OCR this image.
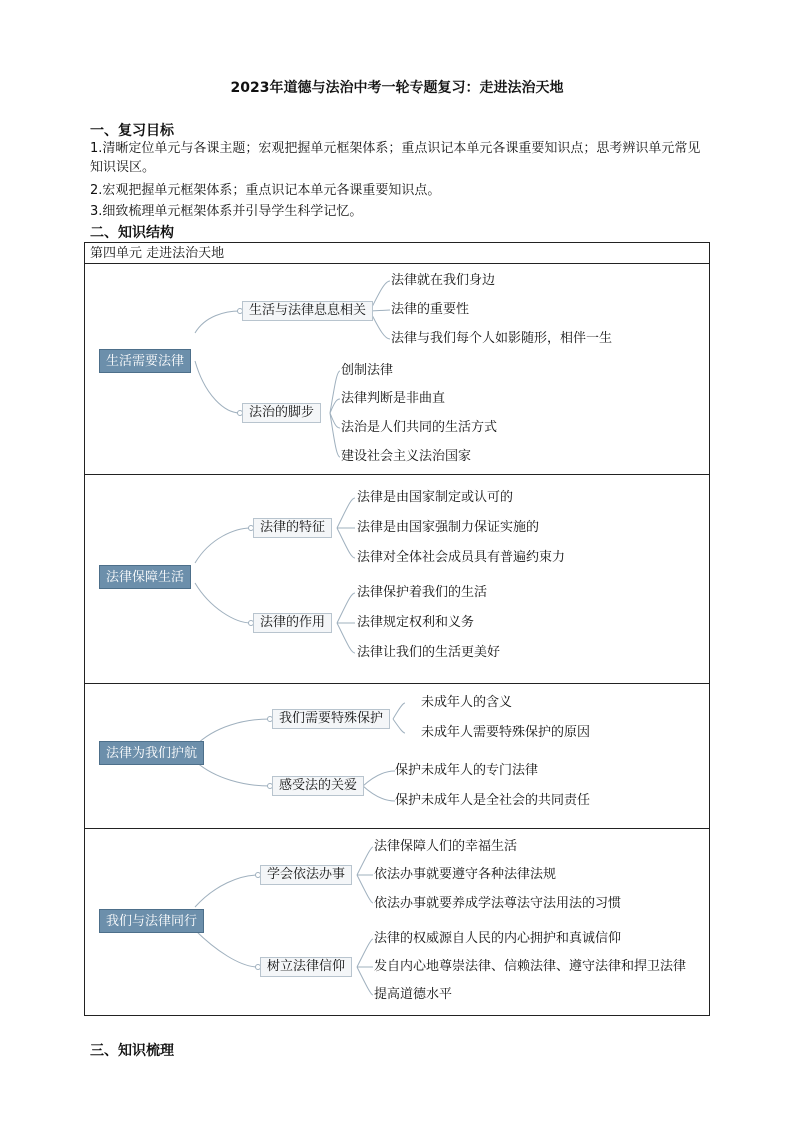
2023年道德与法治中考一轮专题复习：走进法治天地
一、复习目标
1.清晰定位单元与各课主题；宏观把握单元框架体系；重点识记本单元各课重要知识点；思考辨识单元常见知识误区。
2.宏观把握单元框架体系；重点识记本单元各课重要知识点。
3.细致梳理单元框架体系并引导学生科学记忆。
二、知识结构
第四单元 走进法治天地
生活需要法律
生活与法律息息相关
法治的脚步
法律就在我们身边
法律的重要性
法律与我们每个人如影随形，相伴一生
创制法律
法律判断是非曲直
法治是人们共同的生活方式
建设社会主义法治国家
法律保障生活
法律的特征
法律的作用
法律是由国家制定或认可的
法律是由国家强制力保证实施的
法律对全体社会成员具有普遍约束力
法律保护着我们的生活
法律规定权利和义务
法律让我们的生活更美好
法律为我们护航
我们需要特殊保护
感受法的关爱
未成年人的含义
未成年人需要特殊保护的原因
保护未成年人的专门法律
保护未成年人是全社会的共同责任
我们与法律同行
学会依法办事
树立法律信仰
法律保障人们的幸福生活
依法办事就要遵守各种法律法规
依法办事就要养成学法尊法守法用法的习惯
法律的权威源自人民的内心拥护和真诚信仰
发自内心地尊崇法律、信赖法律、遵守法律和捍卫法律
提高道德水平
三、知识梳理
